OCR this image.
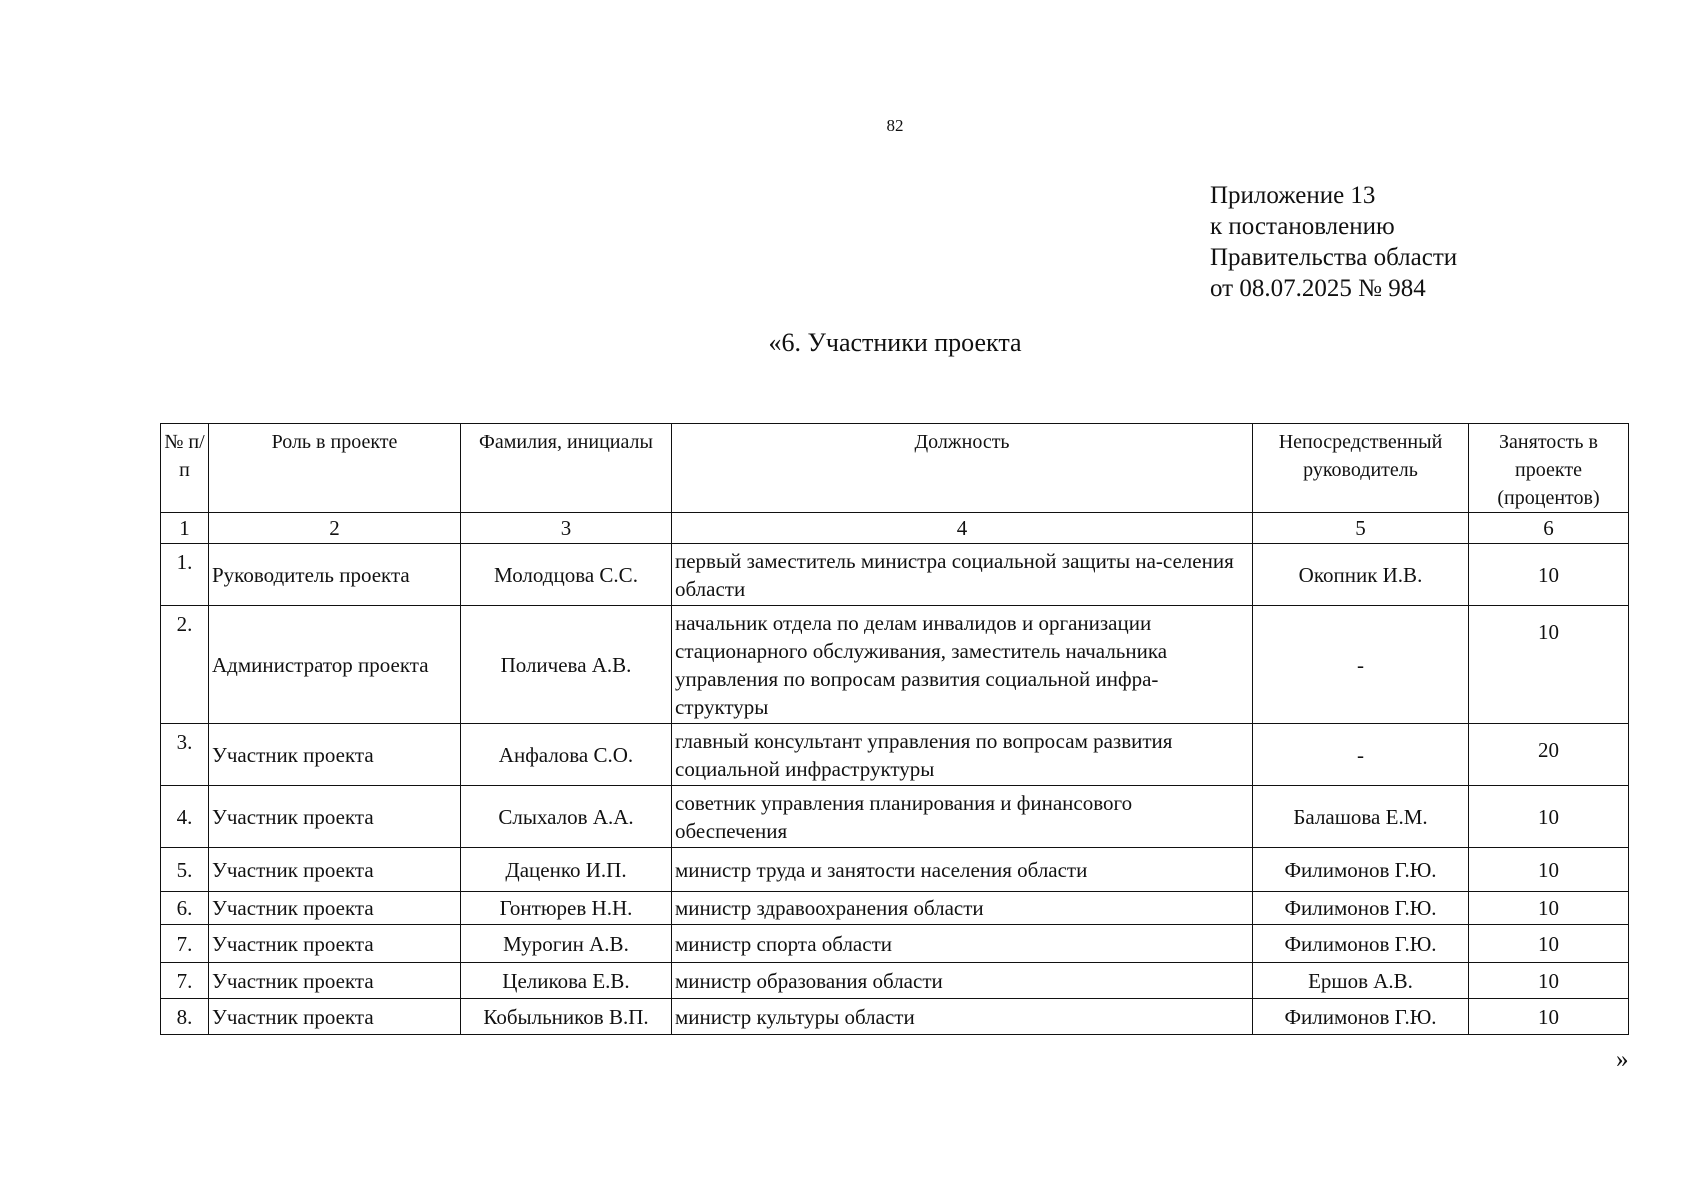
82
Приложение 13
к постановлению
Правительства области
от 08.07.2025 № 984
«6. Участники проекта
№ п/п	Роль в проекте	Фамилия, инициалы	Должность	Непосредственный руководитель	Занятость в проекте (процентов)
1	2	3	4	5	6
1.	Руководитель проекта	Молодцова С.С.	первый заместитель министра социальной защиты на-селения области	Окопник И.В.	10
2.	Администратор проекта	Поличева А.В.	начальник отдела по делам инвалидов и организации стационарного обслуживания, заместитель начальника управления по вопросам развития социальной инфра-структуры	-	10
3.	Участник проекта	Анфалова С.О.	главный консультант управления по вопросам развития социальной инфраструктуры	-	20
4.	Участник проекта	Слыхалов А.А.	советник управления планирования и финансового обеспечения	Балашова Е.М.	10
5.	Участник проекта	Даценко И.П.	министр труда и занятости населения области	Филимонов Г.Ю.	10
6.	Участник проекта	Гонтюрев Н.Н.	министр здравоохранения области	Филимонов Г.Ю.	10
7.	Участник проекта	Мурогин А.В.	министр спорта области	Филимонов Г.Ю.	10
7.	Участник проекта	Целикова Е.В.	министр образования области	Ершов А.В.	10
8.	Участник проекта	Кобыльников В.П.	министр культуры области	Филимонов Г.Ю.	10
»
